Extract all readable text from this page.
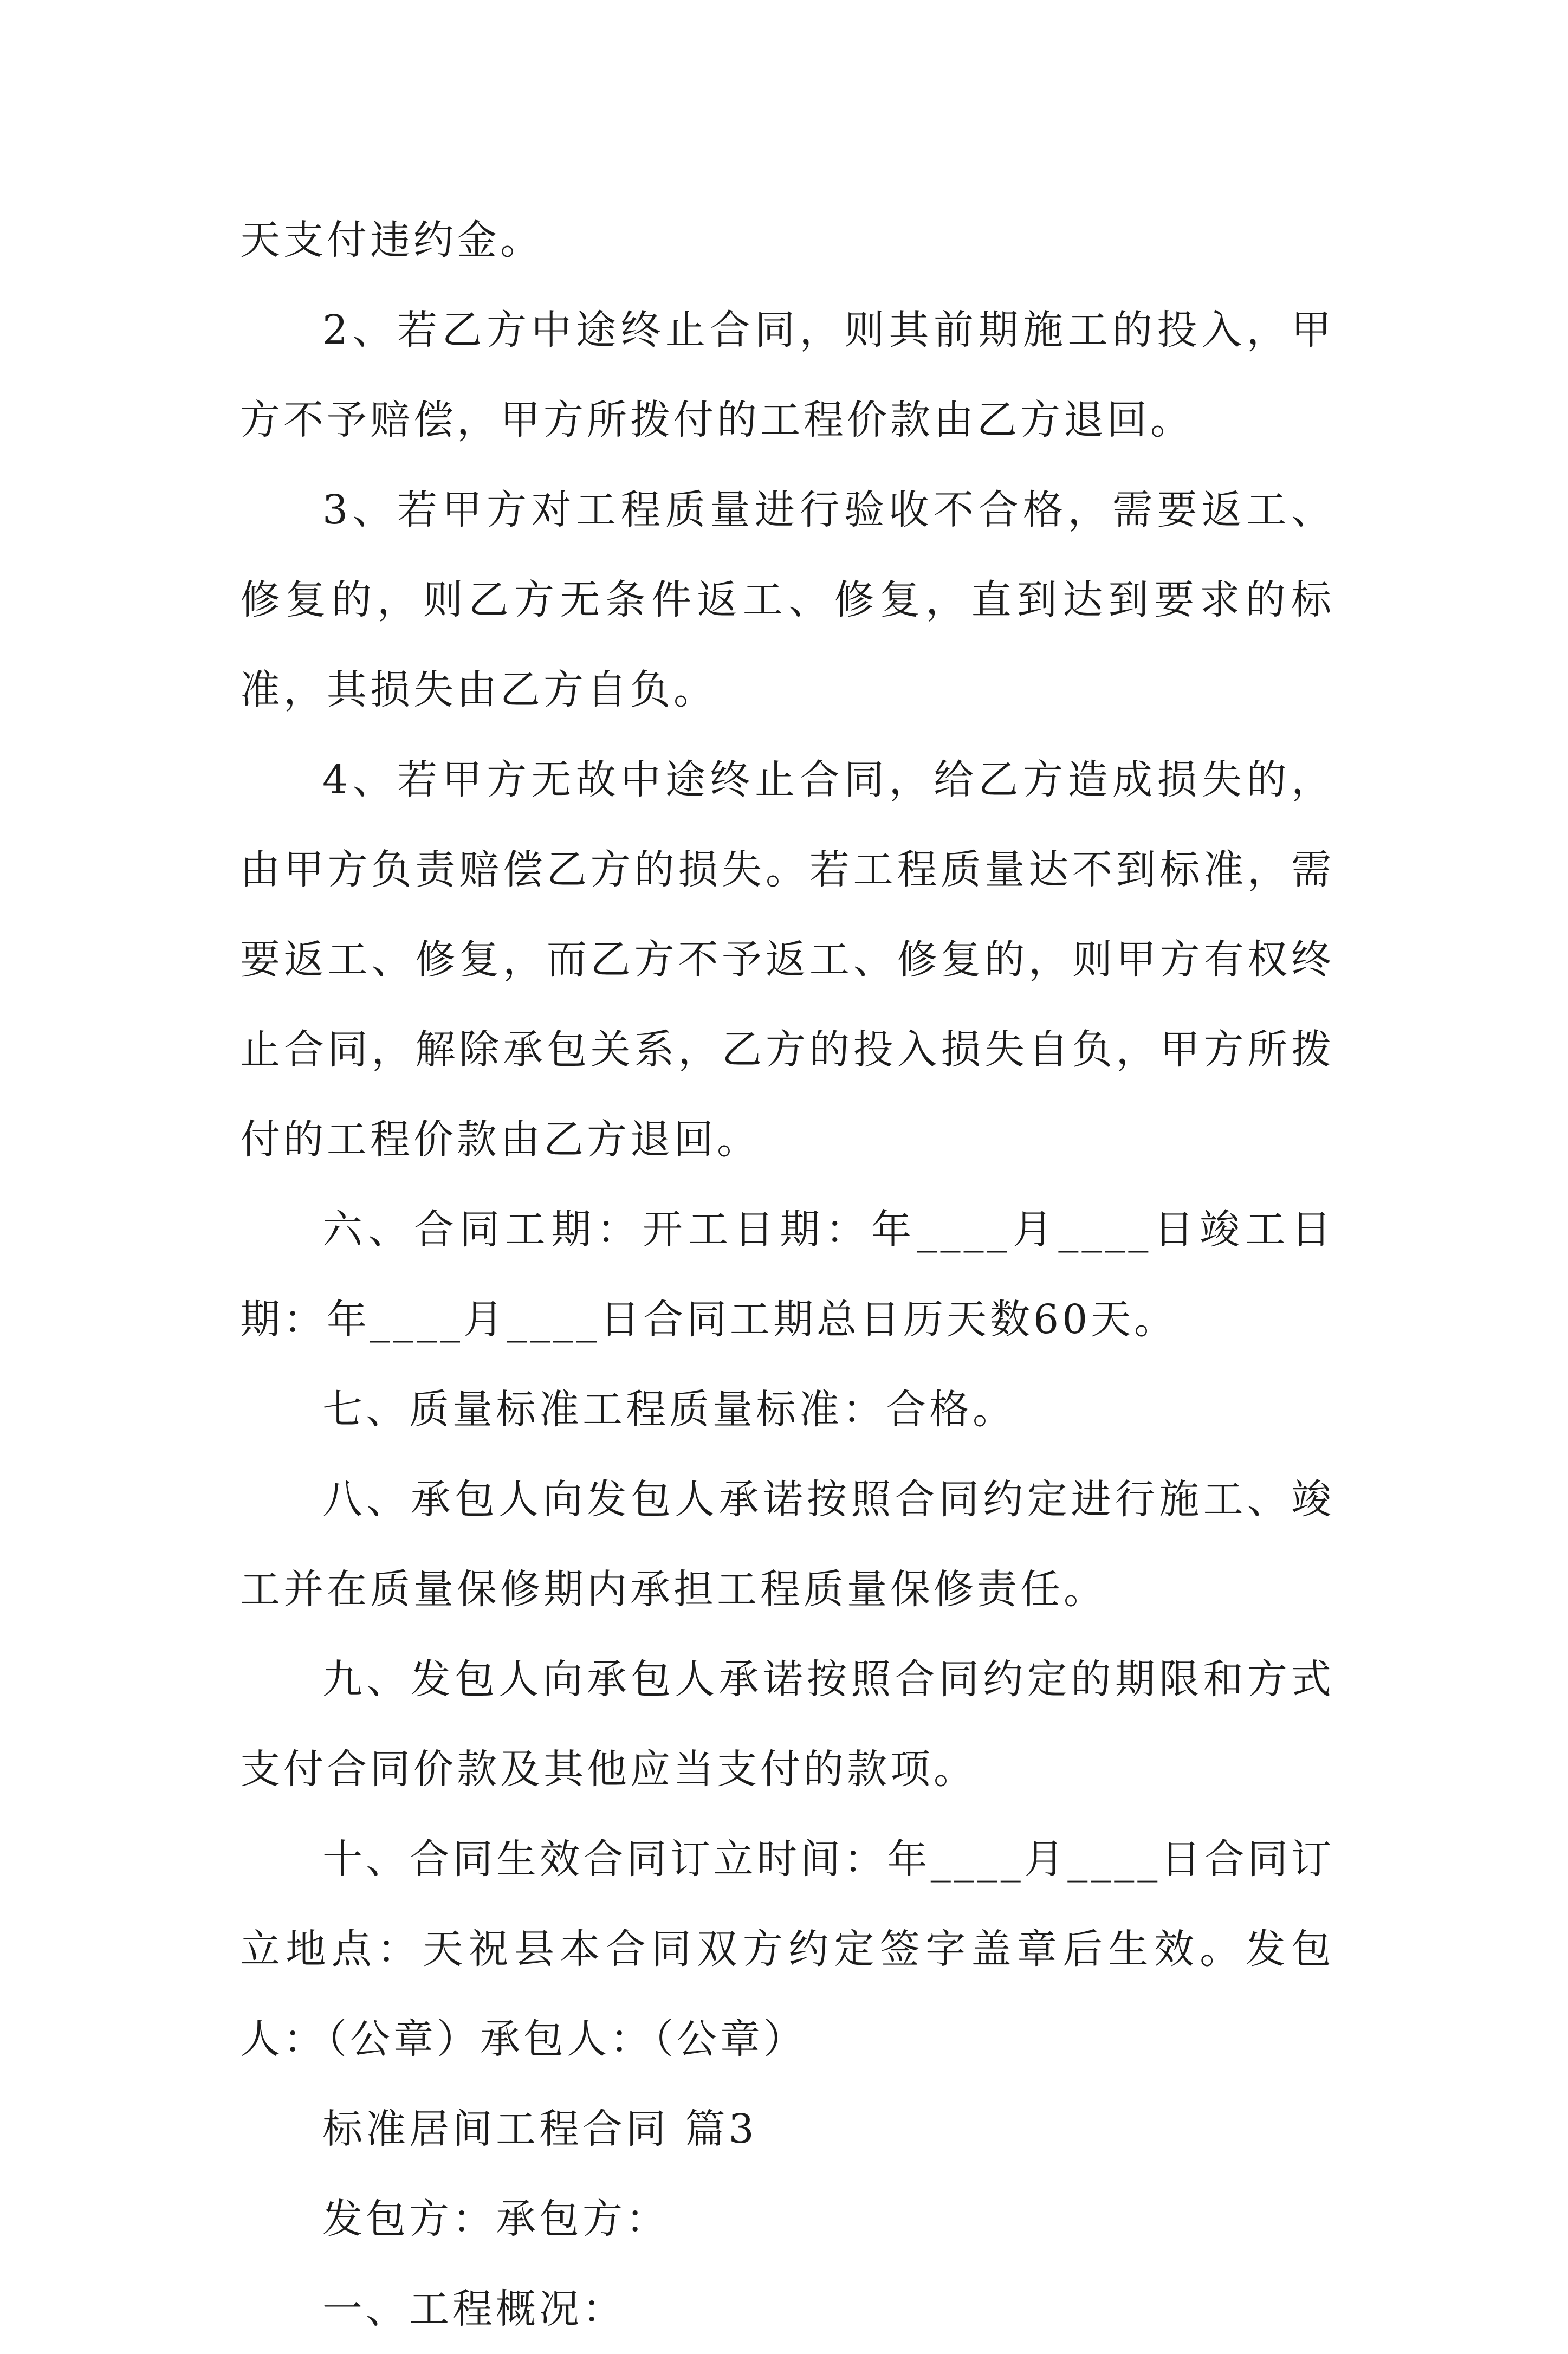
天支付违约金。

2、若乙方中途终止合同，则其前期施工的投入，甲方不予赔偿，甲方所拨付的工程价款由乙方退回。

3、若甲方对工程质量进行验收不合格，需要返工、修复的，则乙方无条件返工、修复，直到达到要求的标准，其损失由乙方自负。

4、若甲方无故中途终止合同，给乙方造成损失的，由甲方负责赔偿乙方的损失。若工程质量达不到标准，需要返工、修复，而乙方不予返工、修复的，则甲方有权终止合同，解除承包关系，乙方的投入损失自负，甲方所拨付的工程价款由乙方退回。

六、合同工期：开工日期：年____月____日竣工日期：年____月____日合同工期总日历天数60天。

七、质量标准工程质量标准：合格。

八、承包人向发包人承诺按照合同约定进行施工、竣工并在质量保修期内承担工程质量保修责任。

九、发包人向承包人承诺按照合同约定的期限和方式支付合同价款及其他应当支付的款项。

十、合同生效合同订立时间：年____月____日合同订立地点：天祝县本合同双方约定签字盖章后生效。发包人：（公章）承包人：（公章）

标准居间工程合同 篇3

发包方：承包方：

一、工程概况：
